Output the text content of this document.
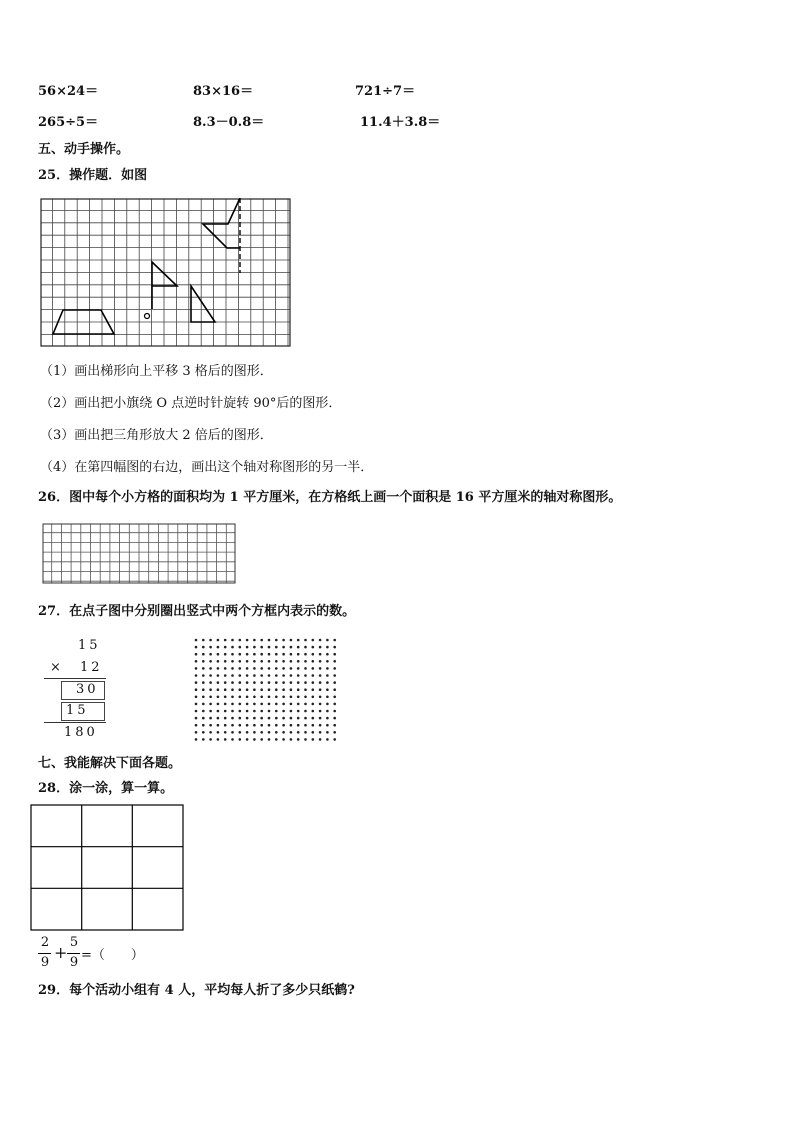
56×24＝	83×16＝	721÷7＝
265÷5＝	8.3－0.8＝	11.4＋3.8＝
五、动手操作。
25．操作题．如图
（1）画出梯形向上平移 3 格后的图形．
（2）画出把小旗绕 O 点逆时针旋转 90°后的图形．
（3）画出把三角形放大 2 倍后的图形．
（4）在第四幅图的右边，画出这个轴对称图形的另一半．
26．图中每个小方格的面积均为 1 平方厘米，在方格纸上画一个面积是 16 平方厘米的轴对称图形。
27．在点子图中分别圈出竖式中两个方框内表示的数。
15
× 12
30
15
180
七、我能解决下面各题。
28．涂一涂，算一算。
2
9
+
5
9 =（　　）
29．每个活动小组有 4 人，平均每人折了多少只纸鹤?
